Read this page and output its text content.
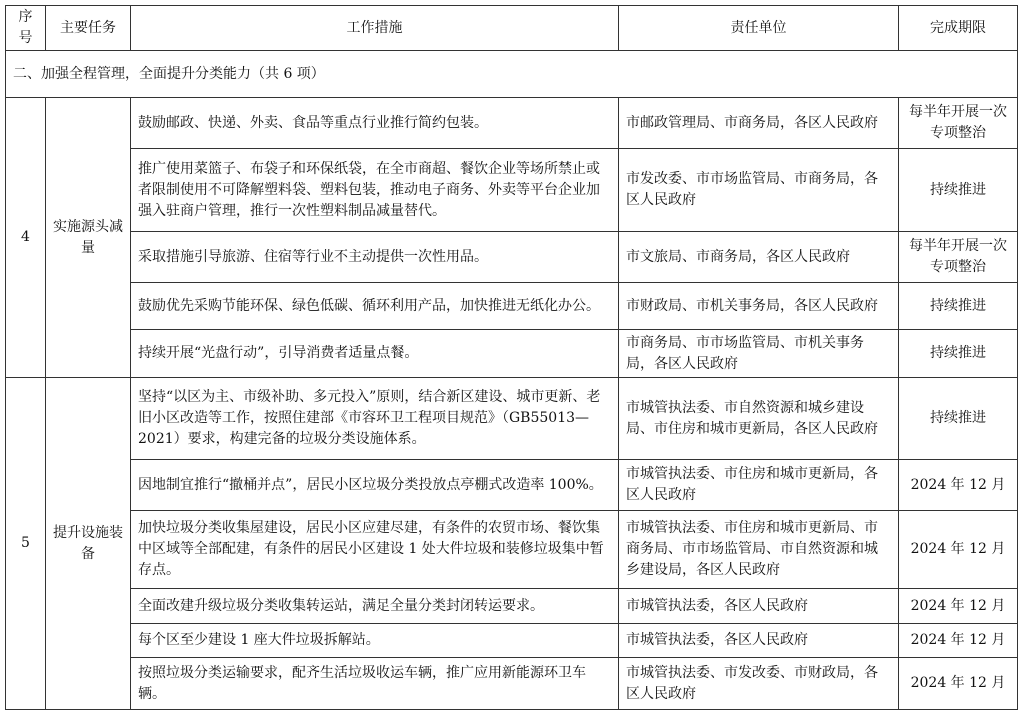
序号	主要任务	工作措施	责任单位	完成期限
二、加强全程管理，全面提升分类能力（共 6 项）				
4	实施源头减量	鼓励邮政、快递、外卖、食品等重点行业推行简约包装。	市邮政管理局、市商务局，各区人民政府	每半年开展一次专项整治
		推广使用菜篮子、布袋子和环保纸袋，在全市商超、餐饮企业等场所禁止或者限制使用不可降解塑料袋、塑料包装，推动电子商务、外卖等平台企业加强入驻商户管理，推行一次性塑料制品减量替代。	市发改委、市市场监管局、市商务局，各区人民政府	持续推进
		采取措施引导旅游、住宿等行业不主动提供一次性用品。	市文旅局、市商务局，各区人民政府	每半年开展一次专项整治
		鼓励优先采购节能环保、绿色低碳、循环利用产品，加快推进无纸化办公。	市财政局、市机关事务局，各区人民政府	持续推进
		持续开展“光盘行动”，引导消费者适量点餐。	市商务局、市市场监管局、市机关事务局，各区人民政府	持续推进
5	提升设施装备	坚持“以区为主、市级补助、多元投入”原则，结合新区建设、城市更新、老旧小区改造等工作，按照住建部《市容环卫工程项目规范》（GB55013—2021）要求，构建完备的垃圾分类设施体系。	市城管执法委、市自然资源和城乡建设局、市住房和城市更新局，各区人民政府	持续推进
		因地制宜推行“撤桶并点”，居民小区垃圾分类投放点亭棚式改造率 100%。	市城管执法委、市住房和城市更新局，各区人民政府	2024 年 12 月
		加快垃圾分类收集屋建设，居民小区应建尽建，有条件的农贸市场、餐饮集中区域等全部配建，有条件的居民小区建设 1 处大件垃圾和装修垃圾集中暂存点。	市城管执法委、市住房和城市更新局、市商务局、市市场监管局、市自然资源和城乡建设局，各区人民政府	2024 年 12 月
		全面改建升级垃圾分类收集转运站，满足全量分类封闭转运要求。	市城管执法委，各区人民政府	2024 年 12 月
		每个区至少建设 1 座大件垃圾拆解站。	市城管执法委，各区人民政府	2024 年 12 月
		按照垃圾分类运输要求，配齐生活垃圾收运车辆，推广应用新能源环卫车辆。	市城管执法委、市发改委、市财政局，各区人民政府	2024 年 12 月
